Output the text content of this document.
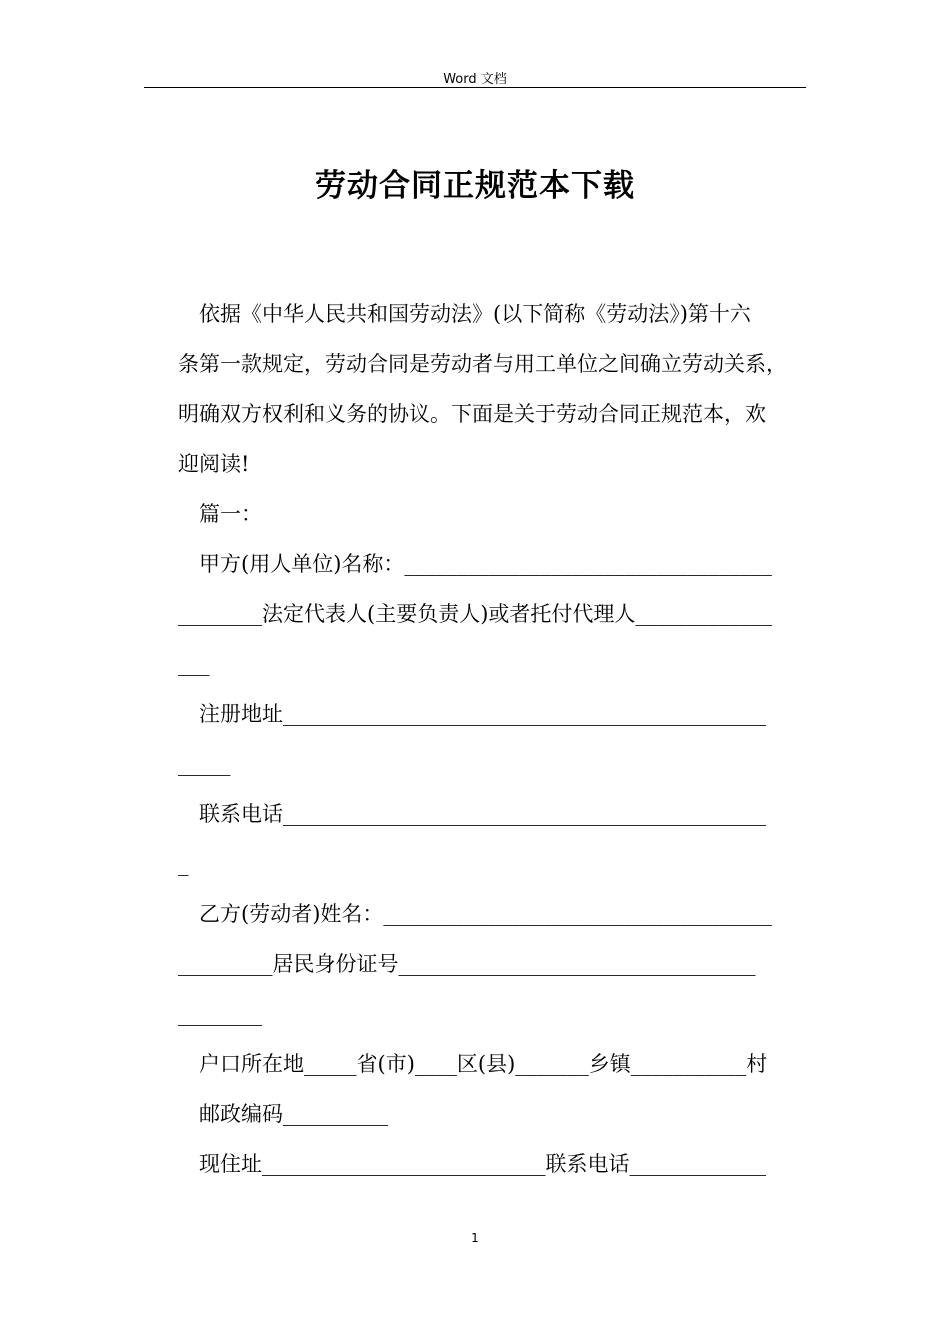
Word 文档
劳动合同正规范本下载

依据《中华人民共和国劳动法》(以下简称《劳动法》)第十六

条第一款规定，劳动合同是劳动者与用工单位之间确立劳动关系，

明确双方权利和义务的协议。下面是关于劳动合同正规范本，欢

迎阅读!

篇一：

甲方(用人单位)名称：___________________________________

________法定代表人(主要负责人)或者托付代理人_____________

___

注册地址______________________________________________

_____

联系电话______________________________________________

_

乙方(劳动者)姓名：_____________________________________

_________居民身份证号__________________________________

________

户口所在地_____省(市)____区(县)_______乡镇___________村

邮政编码__________

现住址___________________________联系电话_____________

1
